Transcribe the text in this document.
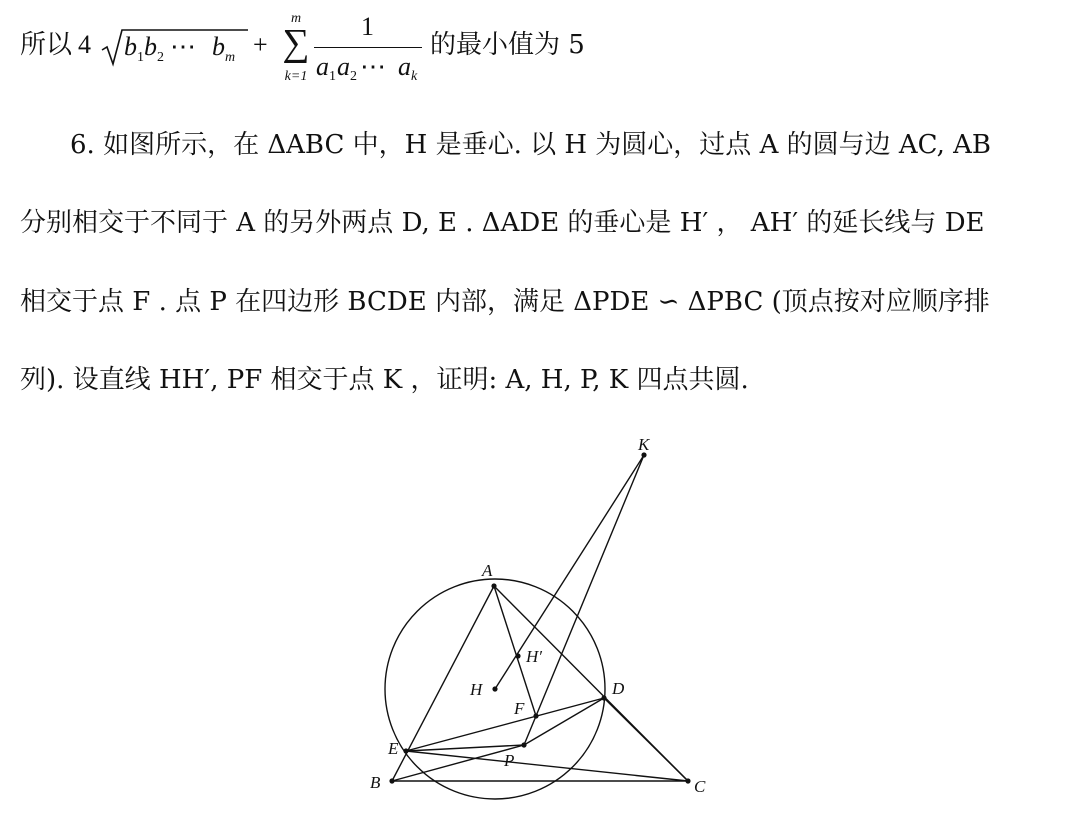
所以 4 b 1 b 2 ⋯ b m +
m
∑
k=1
1
a 1 a 2 ⋯ a k
的最小值为 5
6. 如图所示，在 ΔABC 中，H 是垂心. 以 H 为圆心，过点 A 的圆与边 AC, AB
分别相交于不同于 A 的另外两点 D, E . ΔADE 的垂心是 H′ ， AH′ 的延长线与 DE
相交于点 F . 点 P 在四边形 BCDE 内部，满足 ΔPDE ∽ ΔPBC (顶点按对应顺序排
列). 设直线 HH′, PF 相交于点 K ，证明: A, H, P, K 四点共圆.
A
B	C
D
E
F
H
H′
K
P
